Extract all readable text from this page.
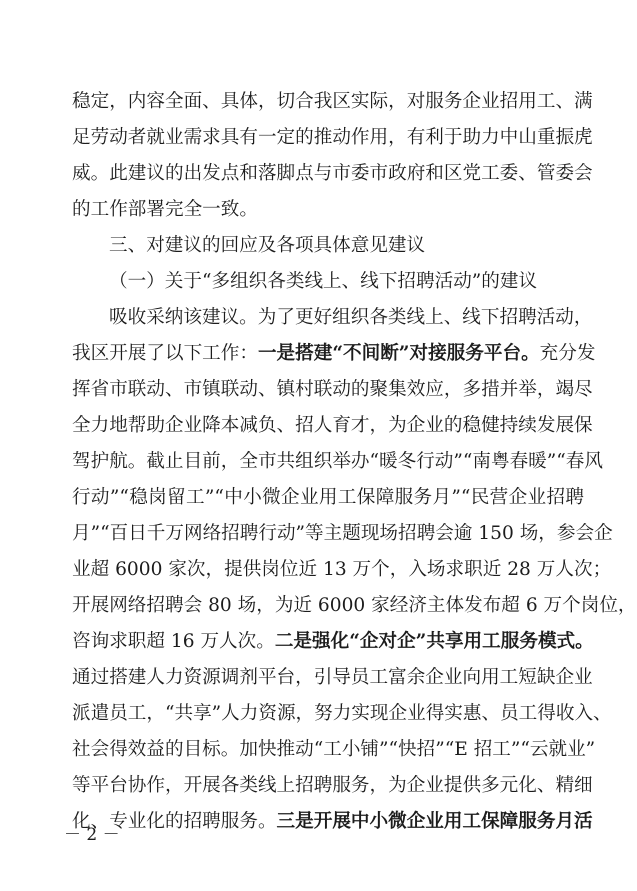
稳定，内容全面、具体，切合我区实际，对服务企业招用工、满
足劳动者就业需求具有一定的推动作用，有利于助力中山重振虎
威。此建议的出发点和落脚点与市委市政府和区党工委、管委会
的工作部署完全一致。
三、对建议的回应及各项具体意见建议
（一）关于“多组织各类线上、线下招聘活动”的建议
吸收采纳该建议。为了更好组织各类线上、线下招聘活动，
我区开展了以下工作：一是搭建“不间断”对接服务平台。充分发
挥省市联动、市镇联动、镇村联动的聚集效应，多措并举，竭尽
全力地帮助企业降本减负、招人育才，为企业的稳健持续发展保
驾护航。截止目前，全市共组织举办“暖冬行动”“南粤春暖”“春风
行动”“稳岗留工”“中小微企业用工保障服务月”“民营企业招聘
月”“百日千万网络招聘行动”等主题现场招聘会逾 150 场，参会企
业超 6000 家次，提供岗位近 13 万个，入场求职近 28 万人次；
开展网络招聘会 80 场，为近 6000 家经济主体发布超 6 万个岗位，
咨询求职超 16 万人次。二是强化“企对企”共享用工服务模式。
通过搭建人力资源调剂平台，引导员工富余企业向用工短缺企业
派遣员工，“共享”人力资源，努力实现企业得实惠、员工得收入、
社会得效益的目标。加快推动“工小铺”“快招”“E 招工”“云就业”
等平台协作，开展各类线上招聘服务，为企业提供多元化、精细
化、专业化的招聘服务。三是开展中小微企业用工保障服务月活
－ 2 －
